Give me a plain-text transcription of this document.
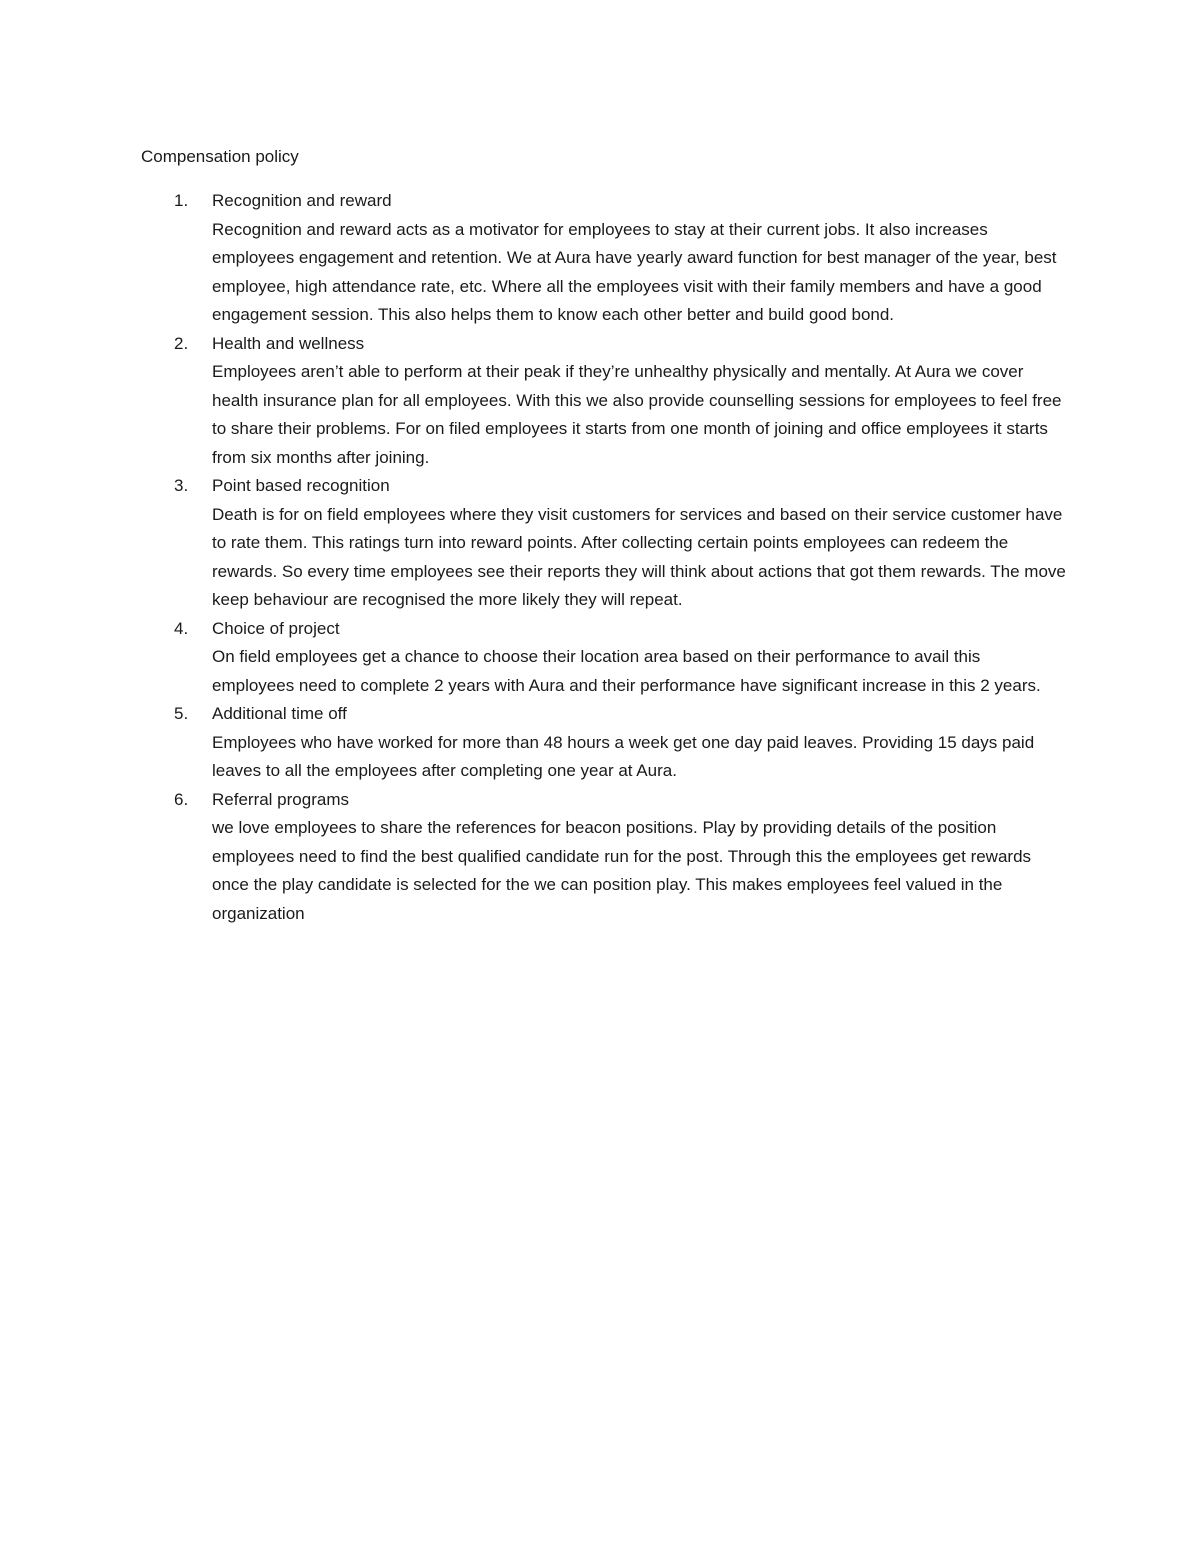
Compensation policy
1. Recognition and reward
Recognition and reward acts as a motivator for employees to stay at their current jobs. It also increases employees engagement and retention. We at Aura have yearly award function for best manager of the year, best employee, high attendance rate, etc. Where all the employees visit with their family members and have a good engagement session. This also helps them to know each other better and build good bond.
2. Health and wellness
Employees aren’t able to perform at their peak if they’re unhealthy physically and mentally. At Aura we cover health insurance plan for all employees. With this we also provide counselling sessions for employees to feel free to share their problems. For on filed employees it starts from one month of joining and office employees it starts from six months after joining.
3. Point based recognition
Death is for on field employees where they visit customers for services and based on their service customer have to rate them. This ratings turn into reward points. After collecting certain points employees can redeem the rewards. So every time employees see their reports they will think about actions that got them rewards. The move keep behaviour are recognised the more likely they will repeat.
4. Choice of project
On field employees get a chance to choose their location area based on their performance to avail this employees need to complete 2 years with Aura and their performance have significant increase in this 2 years.
5. Additional time off
Employees who have worked for more than 48 hours a week get one day paid leaves. Providing 15 days paid leaves to all the employees after completing one year at Aura.
6. Referral programs
we love employees to share the references for beacon positions. Play by providing details of the position employees need to find the best qualified candidate run for the post. Through this the employees get rewards once the play candidate is selected for the we can position play. This makes employees feel valued in the organization
